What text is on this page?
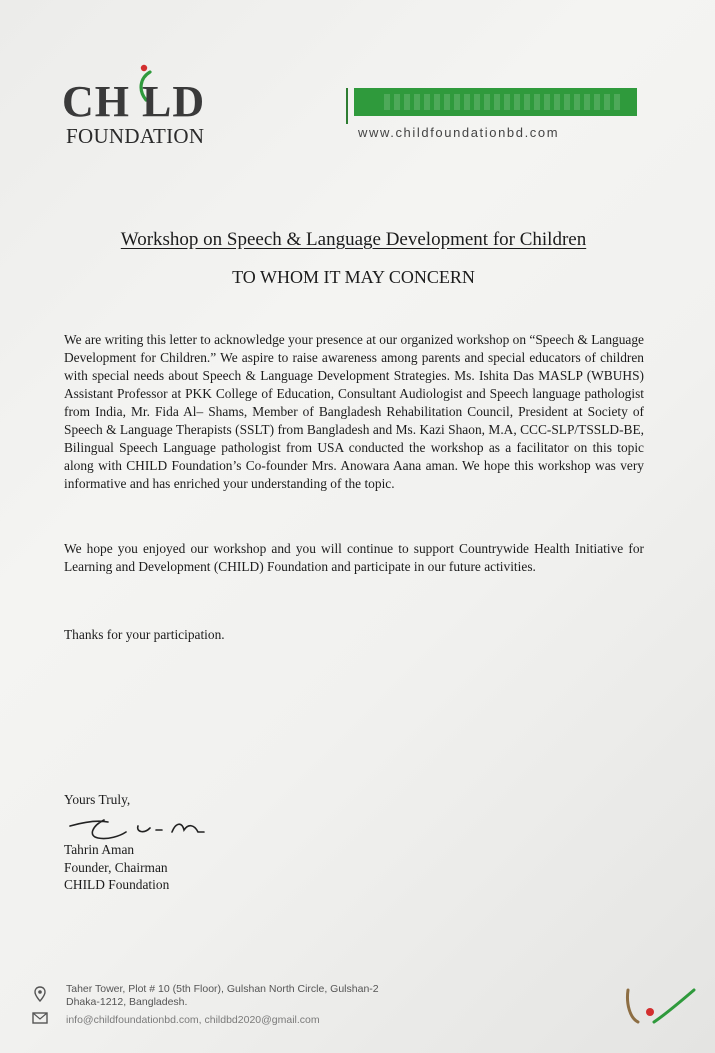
CH LD
FOUNDATION	www.childfoundationbd.com
Workshop on Speech & Language Development for Children
TO WHOM IT MAY CONCERN
We are writing this letter to acknowledge your presence at our organized workshop on “Speech & Language Development for Children.” We aspire to raise awareness among parents and special educators of children with special needs about Speech & Language Development Strategies. Ms. Ishita Das MASLP (WBUHS) Assistant Professor at PKK College of Education, Consultant Audiologist and Speech language pathologist from India, Mr. Fida Al– Shams, Member of Bangladesh Rehabilitation Council, President at Society of Speech & Language Therapists (SSLT) from Bangladesh and Ms. Kazi Shaon, M.A, CCC-SLP/TSSLD-BE, Bilingual Speech Language pathologist from USA conducted the workshop as a facilitator on this topic along with CHILD Foundation’s Co-founder Mrs. Anowara Aana aman. We hope this workshop was very informative and has enriched your understanding of the topic.
We hope you enjoyed our workshop and you will continue to support Countrywide Health Initiative for Learning and Development (CHILD) Foundation and participate in our future activities.
Thanks for your participation.
Yours Truly,
Tahrin Aman
Founder, Chairman
CHILD Foundation
Taher Tower, Plot # 10 (5th Floor), Gulshan North Circle, Gulshan-2
Dhaka-1212, Bangladesh.
info@childfoundationbd.com, childbd2020@gmail.com
